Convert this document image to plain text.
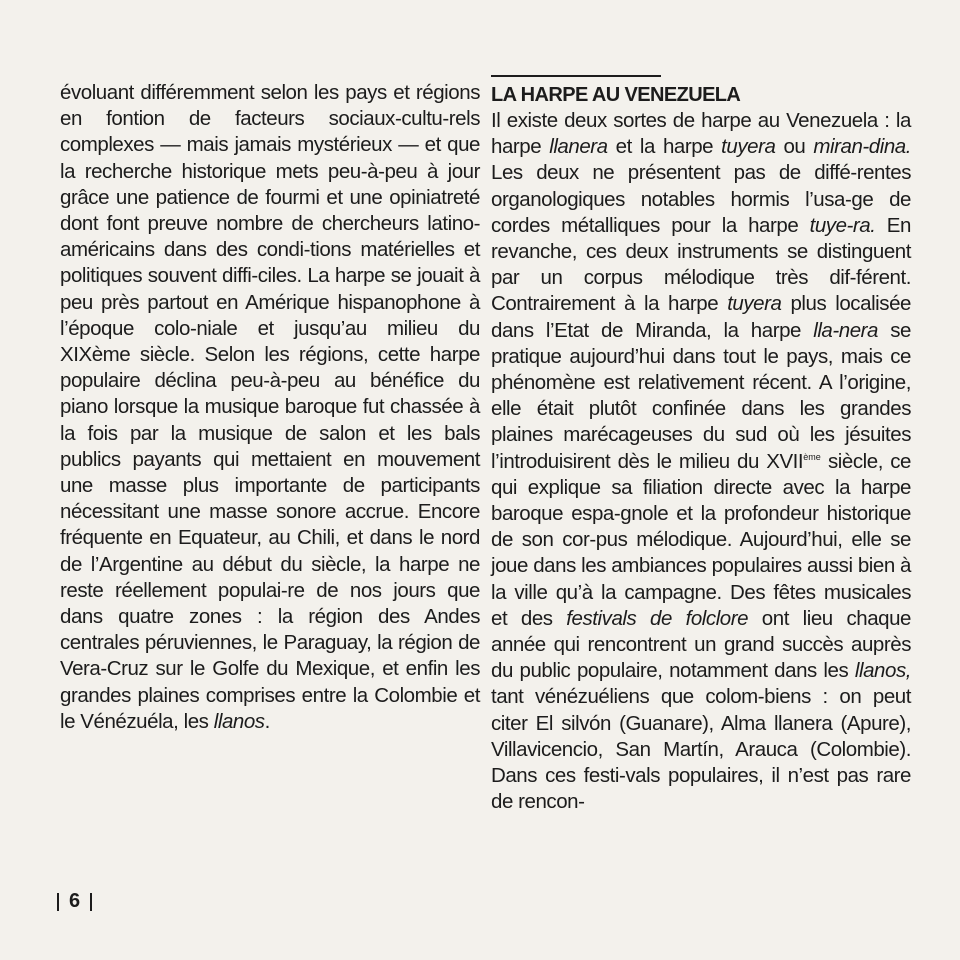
évoluant différemment selon les pays et régions en fontion de facteurs sociaux-cultu-rels complexes — mais jamais mystérieux — et que la recherche historique mets peu-à-peu à jour grâce une patience de fourmi et une opiniatreté dont font preuve nombre de chercheurs latino-américains dans des condi-tions matérielles et politiques souvent diffi-ciles. La harpe se jouait à peu près partout en Amérique hispanophone à l’époque colo-niale et jusqu’au milieu du XIXème siècle. Selon les régions, cette harpe populaire déclina peu-à-peu au bénéfice du piano lorsque la musique baroque fut chassée à la fois par la musique de salon et les bals publics payants qui mettaient en mouvement une masse plus importante de participants nécessitant une masse sonore accrue. Encore fréquente en Equateur, au Chili, et dans le nord de l’Argentine au début du siècle, la harpe ne reste réellement populai-re de nos jours que dans quatre zones : la région des Andes centrales péruviennes, le Paraguay, la région de Vera-Cruz sur le Golfe du Mexique, et enfin les grandes plaines comprises entre la Colombie et le Vénézuéla, les llanos.

LA HARPE AU VENEZUELA

Il existe deux sortes de harpe au Venezuela : la harpe llanera et la harpe tuyera ou miran-dina. Les deux ne présentent pas de diffé-rentes organologiques notables hormis l’usa-ge de cordes métalliques pour la harpe tuye-ra. En revanche, ces deux instruments se distinguent par un corpus mélodique très dif-férent. Contrairement à la harpe tuyera plus localisée dans l’Etat de Miranda, la harpe lla-nera se pratique aujourd’hui dans tout le pays, mais ce phénomène est relativement récent. A l’origine, elle était plutôt confinée dans les grandes plaines marécageuses du sud où les jésuites l’introduisirent dès le milieu du XVIIème siècle, ce qui explique sa filiation directe avec la harpe baroque espa-gnole et la profondeur historique de son cor-pus mélodique. Aujourd’hui, elle se joue dans les ambiances populaires aussi bien à la ville qu’à la campagne. Des fêtes musicales et des festivals de folclore ont lieu chaque année qui rencontrent un grand succès auprès du public populaire, notamment dans les llanos, tant vénézuéliens que colom-biens : on peut citer El silvón (Guanare), Alma llanera (Apure), Villavicencio, San Martín, Arauca (Colombie). Dans ces festi-vals populaires, il n’est pas rare de rencon-

6
